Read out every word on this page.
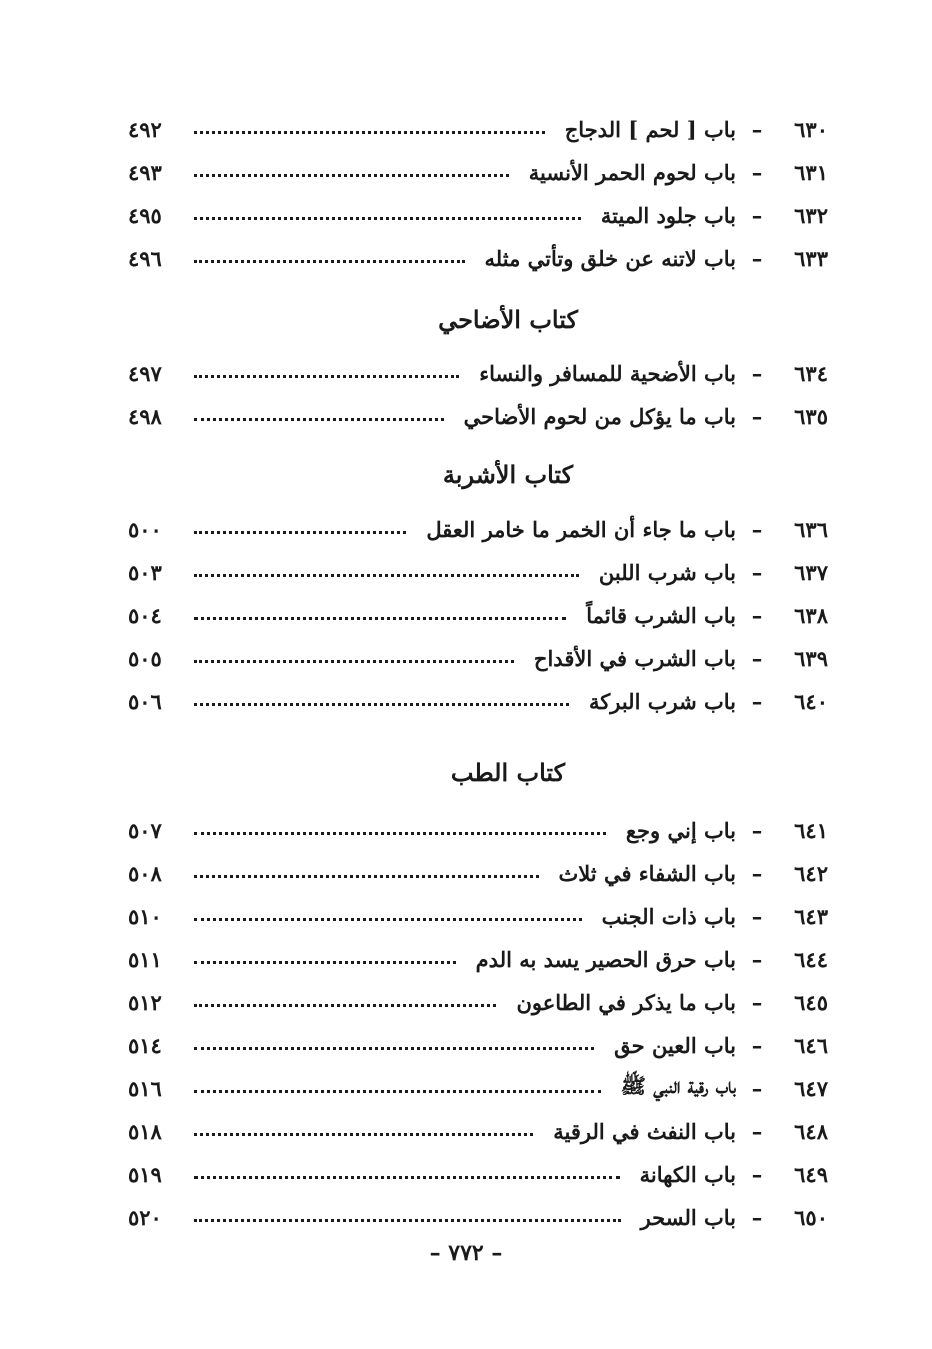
٦٣٠
–
باب [ لحم ] الدجاج
٤٩٢
٦٣١
–
باب لحوم الحمر الأنسية
٤٩٣
٦٣٢
–
باب جلود الميتة
٤٩٥
٦٣٣
–
باب لاتنه عن خلق وتأتي مثله
٤٩٦
كتاب الأضاحي
٦٣٤
–
باب الأضحية للمسافر والنساء
٤٩٧
٦٣٥
–
باب ما يؤكل من لحوم الأضاحي
٤٩٨
كتاب الأشربة
٦٣٦
–
باب ما جاء أن الخمر ما خامر العقل
٥٠٠
٦٣٧
–
باب شرب اللبن
٥٠٣
٦٣٨
–
باب الشرب قائماً
٥٠٤
٦٣٩
–
باب الشرب في الأقداح
٥٠٥
٦٤٠
–
باب شرب البركة
٥٠٦
كتاب الطب
٦٤١
–
باب إني وجع
٥٠٧
٦٤٢
–
باب الشفاء في ثلاث
٥٠٨
٦٤٣
–
باب ذات الجنب
٥١٠
٦٤٤
–
باب حرق الحصير يسد به الدم
٥١١
٦٤٥
–
باب ما يذكر في الطاعون
٥١٢
٦٤٦
–
باب العين حق
٥١٤
٦٤٧
–
باب رقية النبي ﷺ
٥١٦
٦٤٨
–
باب النفث في الرقية
٥١٨
٦٤٩
–
باب الكهانة
٥١٩
٦٥٠
–
باب السحر
٥٢٠
– ٧٧٢ –
